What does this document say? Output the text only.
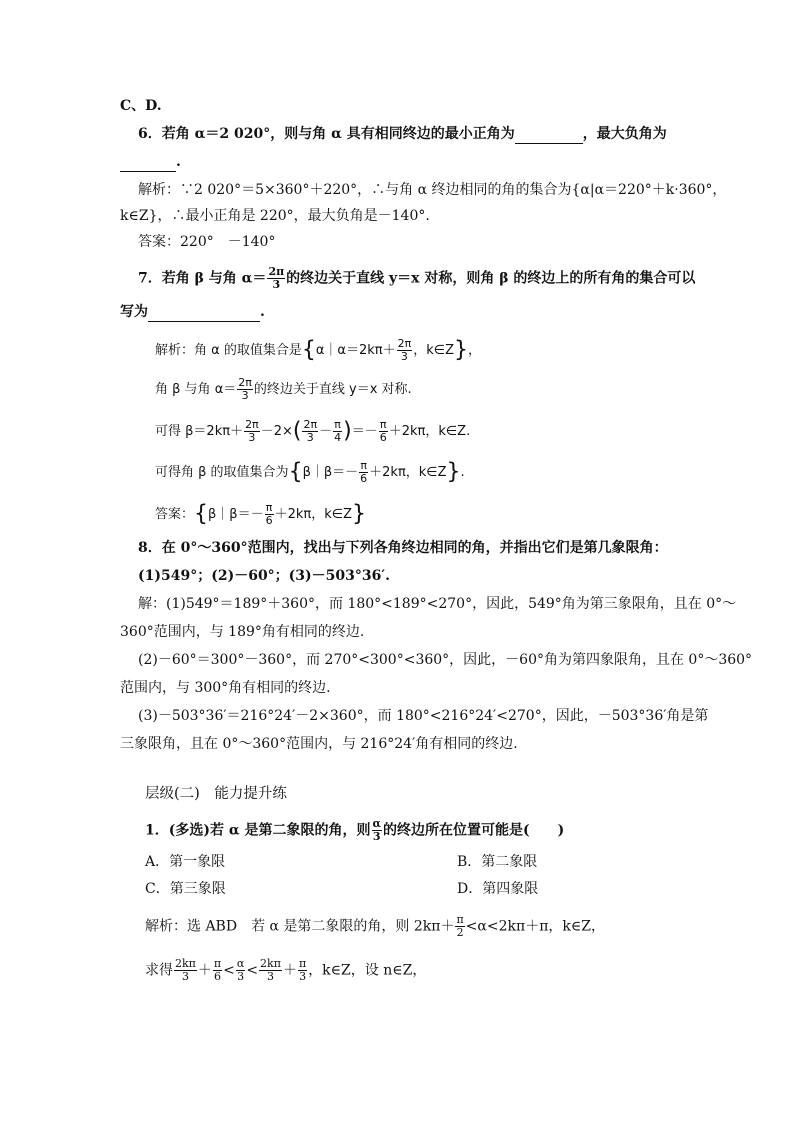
C、D.
6．若角 α＝2 020°，则与角 α 具有相同终边的最小正角为	，最大负角为
.
解析：∵2 020°＝5×360°＋220°，∴与角 α 终边相同的角的集合为{α|α＝220°＋k·360°，
k∈Z}，∴最小正角是 220°，最大负角是－140°.
答案：220°　－140°
7．若角 β 与角 $\alpha= \frac{2\pi}{3}$ 的终边关于直线 y＝x 对称，则角 β 的终边上的所有角的集合可以
写为	.
解析：角 α 的取值集合是{α｜α＝2kπ＋ $\frac{2\pi}{3}$ ，k∈Z}，
角 β 与角 $\alpha= \frac{2\pi}{3}$ 的终边关于直线 y＝x 对称.
可得 $\beta=2k\pi+ \frac{2\pi}{3} -2\times( \frac{2\pi}{3} - \frac{\pi}{4}$ )＝－ $\frac{\pi}{6} +2k\pi$，k∈Z.
可得角 β 的取值集合为{β｜β＝－ $\frac{\pi}{6} +2k\pi$，k∈Z}.
答案：{β｜β＝－ $\frac{\pi}{6} +2k\pi$，k∈Z}
8．在 0°～360°范围内，找出与下列各角终边相同的角，并指出它们是第几象限角：
(1)549°；(2)－60°；(3)－503°36′.
解：(1)549°＝189°＋360°，而 180°<189°<270°，因此，549°角为第三象限角，且在 0°～
360°范围内，与 189°角有相同的终边.
(2)－60°＝300°－360°，而 270°<300°<360°，因此，－60°角为第四象限角，且在 0°～360°
范围内，与 300°角有相同的终边.
(3)－503°36′＝216°24′－2×360°，而 180°<216°24′<270°，因此，－503°36′角是第
三象限角，且在 0°～360°范围内，与 216°24′角有相同的终边.
层级(二)　能力提升练
1．(多选)若 α 是第二象限的角，则 $\frac{\alpha}{3}$ 的终边所在位置可能是(　　)
A．第一象限	B．第二象限
C．第三象限	D．第四象限
解析：选 ABD　若 α 是第二象限的角，则 $2k\pi+ \frac{\pi}{2} <\alpha<2k\pi+\pi$，k∈Z，
求得 $\frac{2k\pi}{3} + \frac{\pi}{6} < \frac{\alpha}{3} < \frac{2k\pi}{3} + \frac{\pi}{3}$ ，k∈Z，设 n∈Z，
